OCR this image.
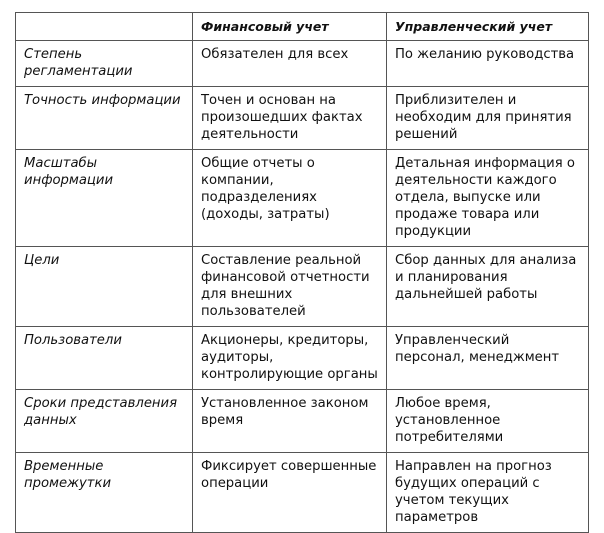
	Финансовый учет	Управленческий учет
Степень регламентации	Обязателен для всех	По желанию руководства
Точность информации	Точен и основан на произошедших фактах деятельности	Приблизителен и необходим для принятия решений
Масштабы информации	Общие отчеты о компании, подразделениях (доходы, затраты)	Детальная информация о деятельности каждого отдела, выпуске или продаже товара или продукции
Цели	Составление реальной финансовой отчетности для внешних пользователей	Сбор данных для анализа и планирования дальнейшей работы
Пользователи	Акционеры, кредиторы, аудиторы, контролирующие органы	Управленческий персонал, менеджмент
Сроки представления данных	Установленное законом время	Любое время, установленное потребителями
Временные промежутки	Фиксирует совершенные операции	Направлен на прогноз будущих операций с учетом текущих параметров
